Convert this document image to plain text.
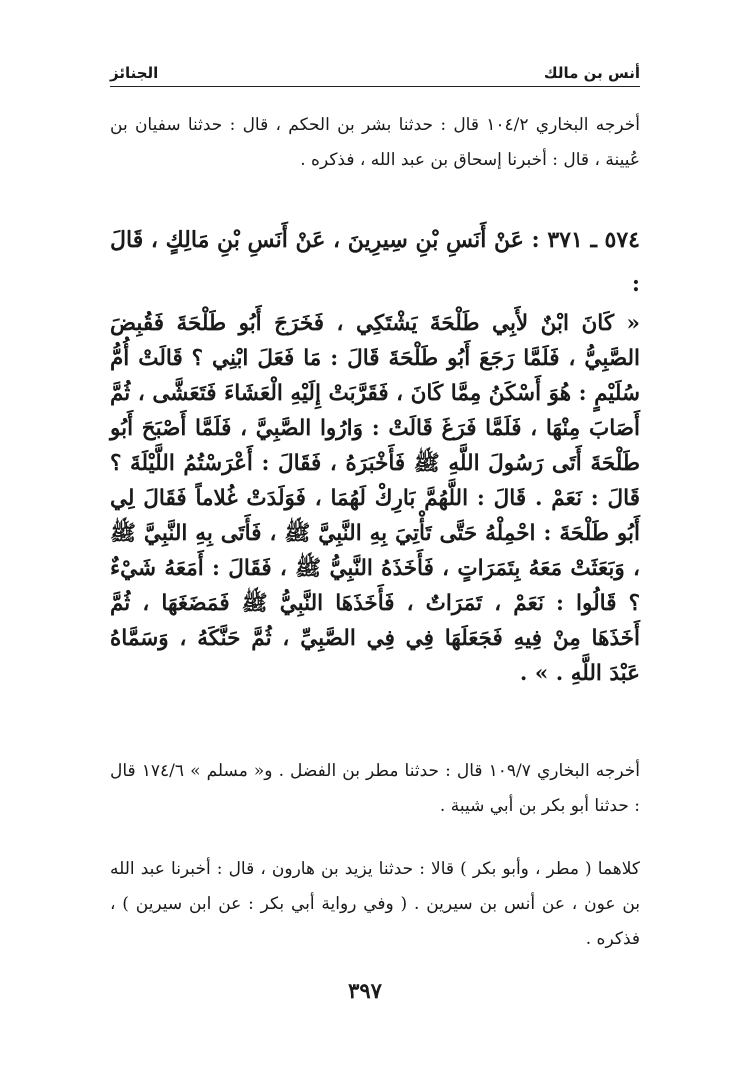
أنس بن مالك
الجنائز

أخرجه البخاري ١٠٤/٢ قال : حدثنا بشر بن الحكم ، قال : حدثنا سفيان بن عُيينة ، قال : أخبرنا إسحاق بن عبد الله ، فذكره .

٥٧٤ ـ ٣٧١ : عَنْ أَنَسِ بْنِ سِيرِينَ ، عَنْ أَنَسِ بْنِ مَالِكٍ ، قَالَ :
« كَانَ ابْنٌ لأَبِي طَلْحَةَ يَشْتَكِي ، فَخَرَجَ أَبُو طَلْحَةَ فَقُبِضَ الصَّبِيُّ ، فَلَمَّا رَجَعَ أَبُو طَلْحَةَ قَالَ : مَا فَعَلَ ابْنِي ؟ قَالَتْ أُمُّ سُلَيْمٍ : هُوَ أَسْكَنُ مِمَّا كَانَ ، فَقَرَّبَتْ إِلَيْهِ الْعَشَاءَ فَتَعَشَّى ، ثُمَّ أَصَابَ مِنْهَا ، فَلَمَّا فَرَغَ قَالَتْ : وَارُوا الصَّبِيَّ ، فَلَمَّا أَصْبَحَ أَبُو طَلْحَةَ أَتَى رَسُولَ اللَّهِ ﷺ فَأَخْبَرَهُ ، فَقَالَ : أَعْرَسْتُمُ اللَّيْلَةَ ؟ قَالَ : نَعَمْ . قَالَ : اللَّهُمَّ بَارِكْ لَهُمَا ، فَوَلَدَتْ غُلاماً فَقَالَ لِي أَبُو طَلْحَةَ : احْمِلْهُ حَتَّى تَأْتِيَ بِهِ النَّبِيَّ ﷺ ، فَأَتَى بِهِ النَّبِيَّ ﷺ ، وَبَعَثَتْ مَعَهُ بِتَمَرَاتٍ ، فَأَخَذَهُ النَّبِيُّ ﷺ ، فَقَالَ : أَمَعَهُ شَيْءٌ ؟ قَالُوا : نَعَمْ ، تَمَرَاتٌ ، فَأَخَذَهَا النَّبِيُّ ﷺ فَمَضَغَهَا ، ثُمَّ أَخَذَهَا مِنْ فِيهِ فَجَعَلَهَا فِي فِي الصَّبِيِّ ، ثُمَّ حَنَّكَهُ ، وَسَمَّاهُ عَبْدَ اللَّهِ . » .

أخرجه البخاري ١٠٩/٧ قال : حدثنا مطر بن الفضل . و« مسلم » ١٧٤/٦ قال : حدثنا أبو بكر بن أبي شيبة .

كلاهما ( مطر ، وأبو بكر ) قالا : حدثنا يزيد بن هارون ، قال : أخبرنا عبد الله بن عون ، عن أنس بن سيرين . ( وفي رواية أبي بكر : عن ابن سيرين ) ، فذكره .

٣٩٧
